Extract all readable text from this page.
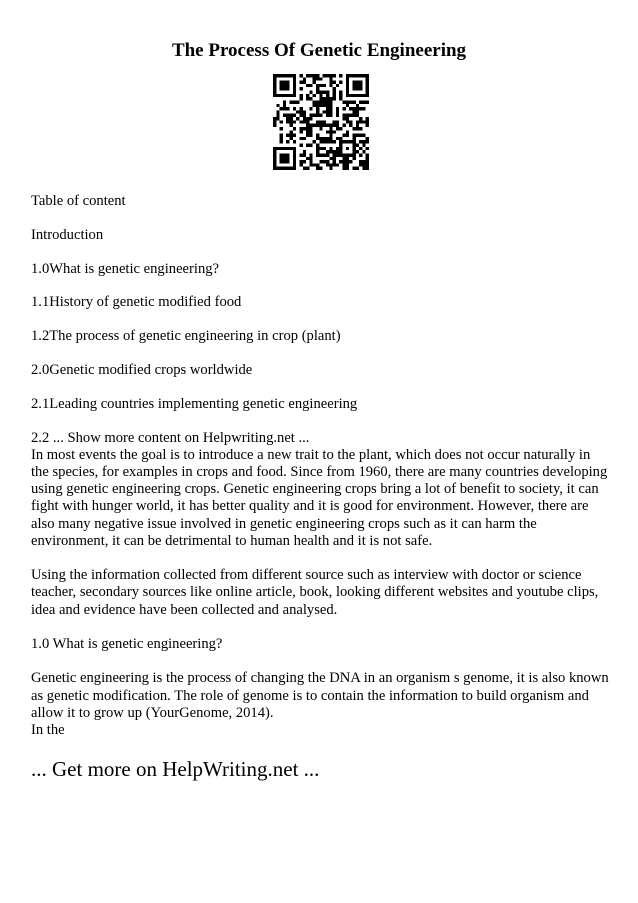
The Process Of Genetic Engineering
Table of content
Introduction
1.0What is genetic engineering?
1.1History of genetic modified food
1.2The process of genetic engineering in crop (plant)
2.0Genetic modified crops worldwide
2.1Leading countries implementing genetic engineering
2.2 ... Show more content on Helpwriting.net ...
In most events the goal is to introduce a new trait to the plant, which does not occur naturally in the species, for examples in crops and food. Since from 1960, there are many countries developing using genetic engineering crops. Genetic engineering crops bring a lot of benefit to society, it can fight with hunger world, it has better quality and it is good for environment. However, there are also many negative issue involved in genetic engineering crops such as it can harm the environment, it can be detrimental to human health and it is not safe.
Using the information collected from different source such as interview with doctor or science teacher, secondary sources like online article, book, looking different websites and youtube clips, idea and evidence have been collected and analysed.
1.0 What is genetic engineering?
Genetic engineering is the process of changing the DNA in an organism s genome, it is also known as genetic modification. The role of genome is to contain the information to build organism and allow it to grow up (YourGenome, 2014).
In the
... Get more on HelpWriting.net ...
